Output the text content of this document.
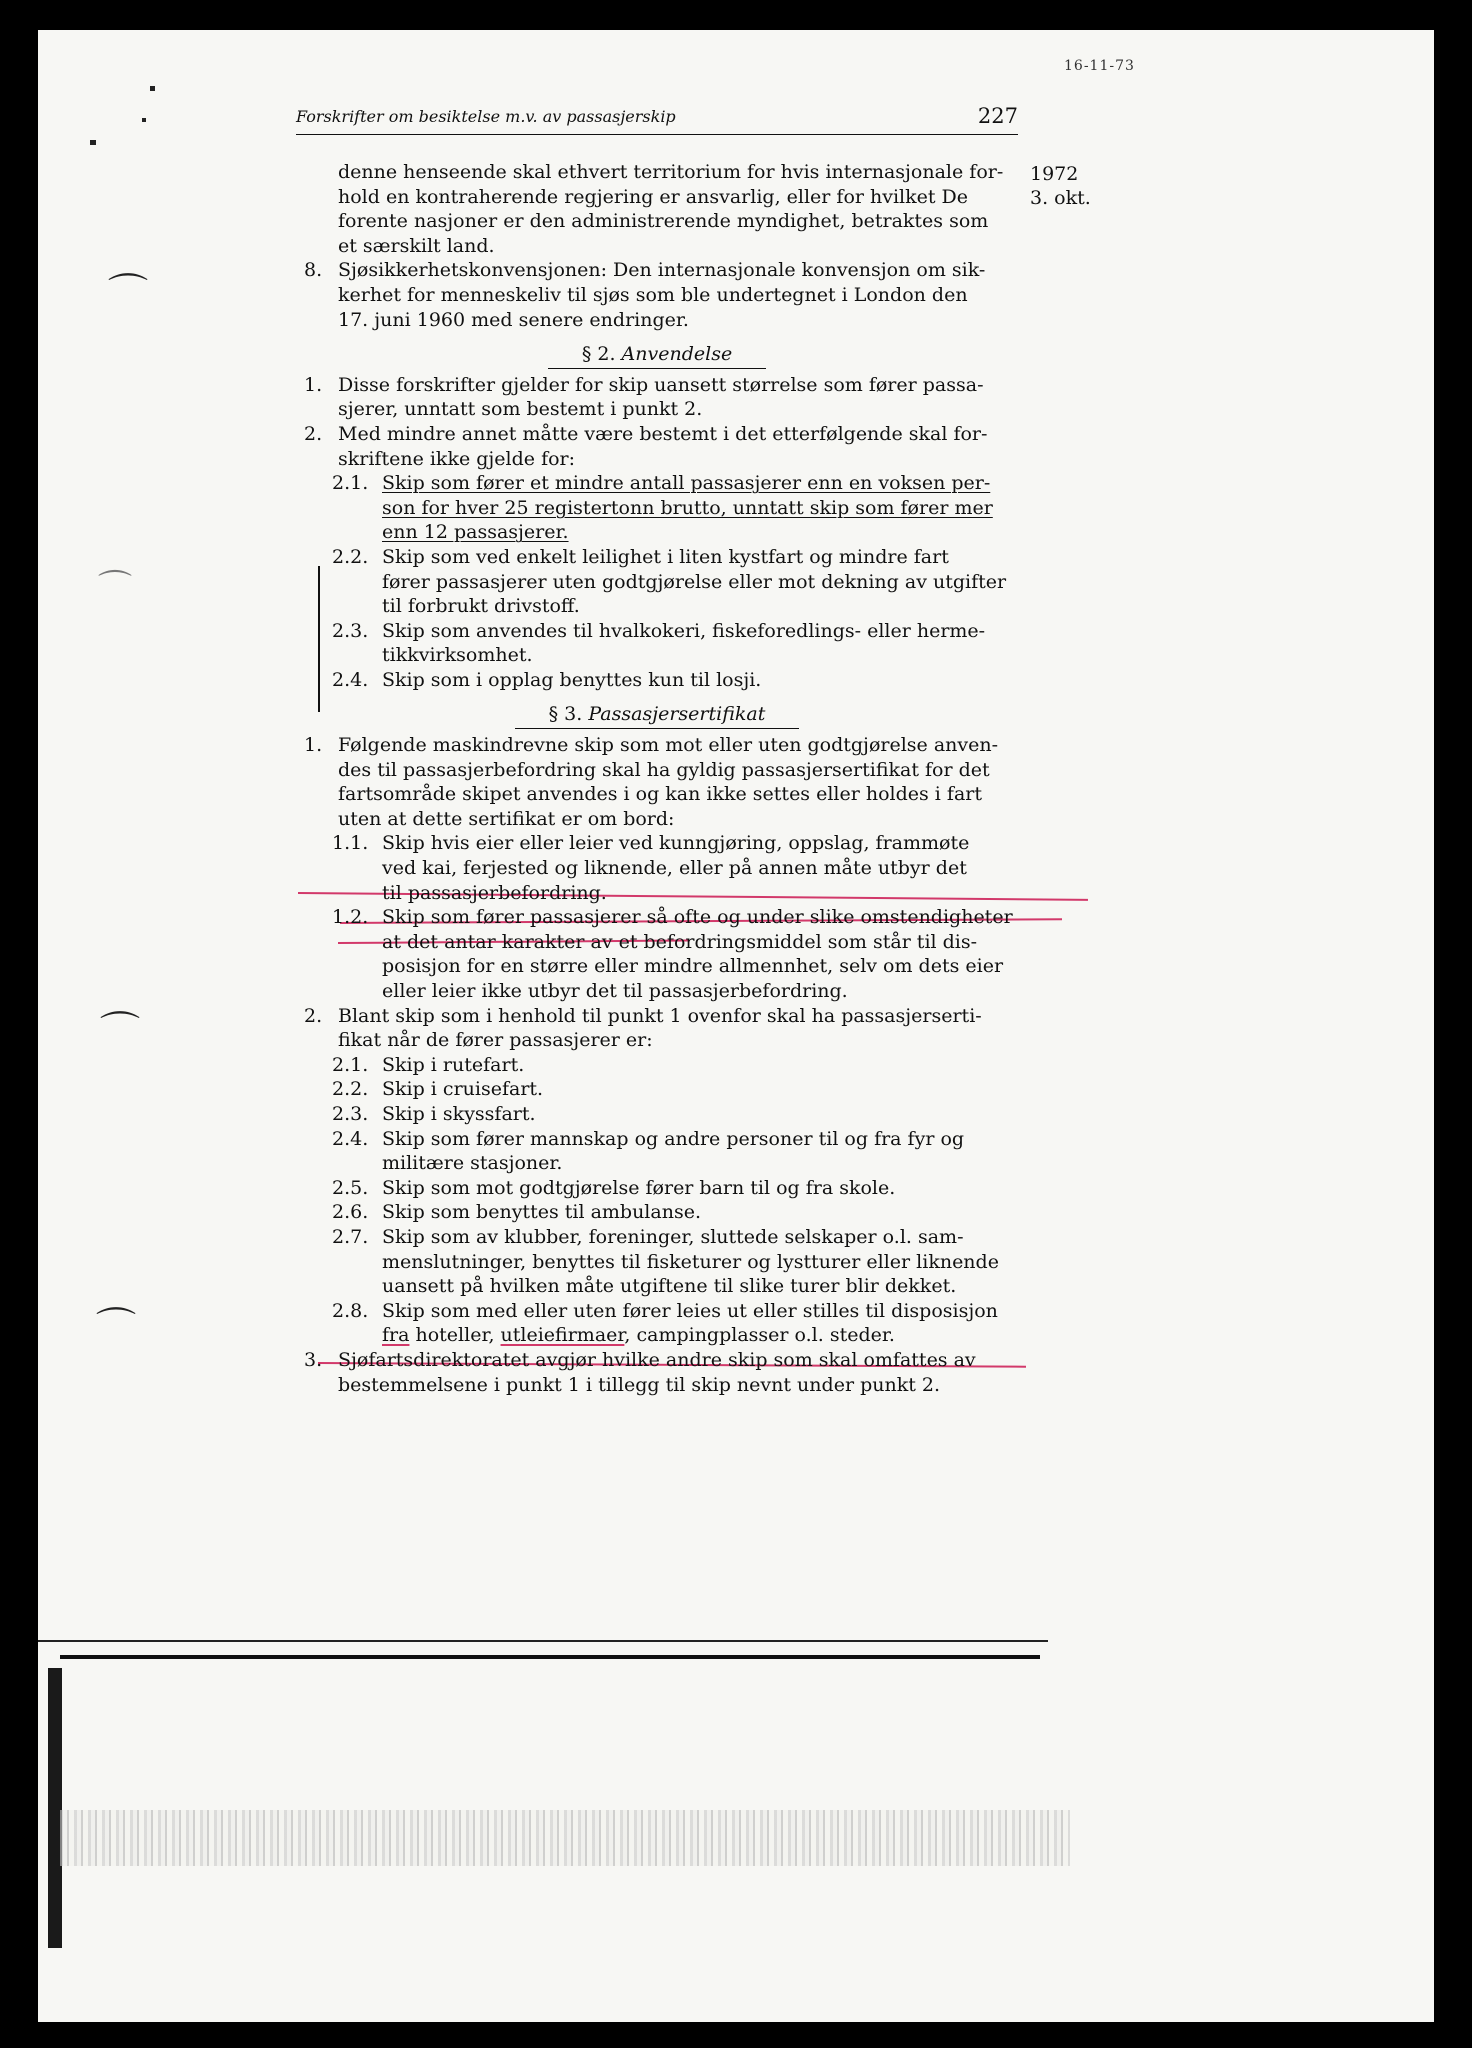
16-11-73
Forskrifter om besiktelse m.v. av passasjerskip	227
1972
3. okt.
⌒
⌒
⌒
⌒
denne henseende skal ethvert territorium for hvis internasjonale for-
hold en kontraherende regjering er ansvarlig, eller for hvilket De
forente nasjoner er den administrerende myndighet, betraktes som
et særskilt land.
8. Sjøsikkerhetskonvensjonen: Den internasjonale konvensjon om sik-
kerhet for menneskeliv til sjøs som ble undertegnet i London den
17. juni 1960 med senere endringer.
§ 2. Anvendelse
1. Disse forskrifter gjelder for skip uansett størrelse som fører passa-
sjerer, unntatt som bestemt i punkt 2.
2. Med mindre annet måtte være bestemt i det etterfølgende skal for-
skriftene ikke gjelde for:
2.1. Skip som fører et mindre antall passasjerer enn en voksen per-
son for hver 25 registertonn brutto, unntatt skip som fører mer
enn 12 passasjerer.
2.2. Skip som ved enkelt leilighet i liten kystfart og mindre fart
fører passasjerer uten godtgjørelse eller mot dekning av utgifter
til forbrukt drivstoff.
2.3. Skip som anvendes til hvalkokeri, fiskeforedlings- eller herme-
tikkvirksomhet.
2.4. Skip som i opplag benyttes kun til losji.
§ 3. Passasjersertifikat
1. Følgende maskindrevne skip som mot eller uten godtgjørelse anven-
des til passasjerbefordring skal ha gyldig passasjersertifikat for det
fartsområde skipet anvendes i og kan ikke settes eller holdes i fart
uten at dette sertifikat er om bord:
1.1. Skip hvis eier eller leier ved kunngjøring, oppslag, frammøte
ved kai, ferjested og liknende, eller på annen måte utbyr det
til passasjerbefordring.
1.2. Skip som fører passasjerer så ofte og under slike omstendigheter
at det antar karakter av et befordringsmiddel som står til dis-
posisjon for en større eller mindre allmennhet, selv om dets eier
eller leier ikke utbyr det til passasjerbefordring.
2. Blant skip som i henhold til punkt 1 ovenfor skal ha passasjerserti-
fikat når de fører passasjerer er:
2.1. Skip i rutefart.
2.2. Skip i cruisefart.
2.3. Skip i skyssfart.
2.4. Skip som fører mannskap og andre personer til og fra fyr og
militære stasjoner.
2.5. Skip som mot godtgjørelse fører barn til og fra skole.
2.6. Skip som benyttes til ambulanse.
2.7. Skip som av klubber, foreninger, sluttede selskaper o.l. sam-
menslutninger, benyttes til fisketurer og lystturer eller liknende
uansett på hvilken måte utgiftene til slike turer blir dekket.
2.8. Skip som med eller uten fører leies ut eller stilles til disposisjon
fra hoteller, utleiefirmaer, campingplasser o.l. steder.
3. Sjøfartsdirektoratet avgjør hvilke andre skip som skal omfattes av
bestemmelsene i punkt 1 i tillegg til skip nevnt under punkt 2.
